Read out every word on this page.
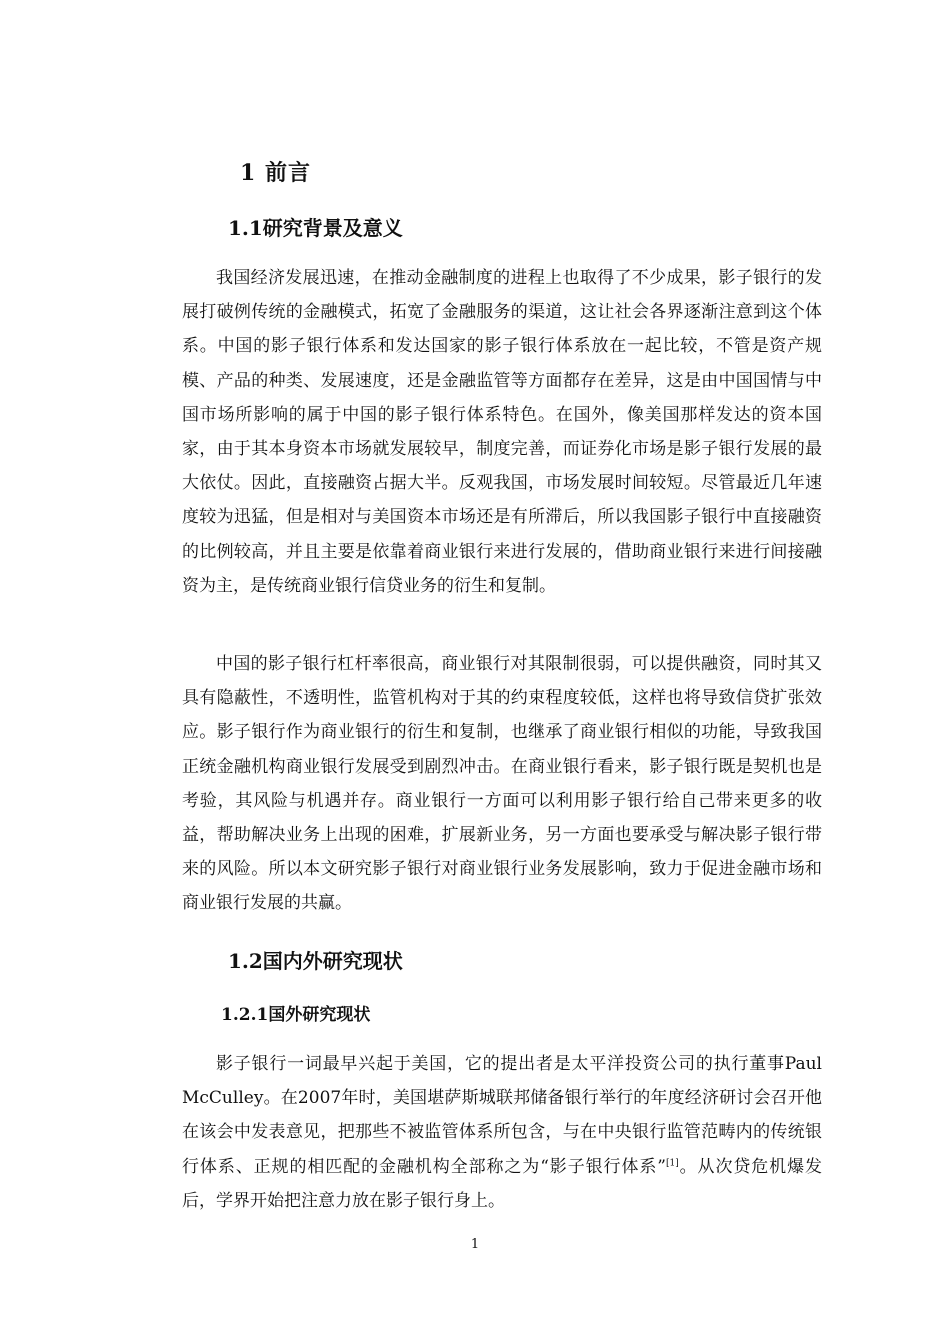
1 前言
1.1研究背景及意义

我国经济发展迅速，在推动金融制度的进程上也取得了不少成果，影子银行的发展打破例传统的金融模式，拓宽了金融服务的渠道，这让社会各界逐渐注意到这个体系。中国的影子银行体系和发达国家的影子银行体系放在一起比较，不管是资产规模、产品的种类、发展速度，还是金融监管等方面都存在差异，这是由中国国情与中国市场所影响的属于中国的影子银行体系特色。在国外，像美国那样发达的资本国家，由于其本身资本市场就发展较早，制度完善，而证券化市场是影子银行发展的最大依仗。因此，直接融资占据大半。反观我国，市场发展时间较短。尽管最近几年速度较为迅猛，但是相对与美国资本市场还是有所滞后，所以我国影子银行中直接融资的比例较高，并且主要是依靠着商业银行来进行发展的，借助商业银行来进行间接融资为主，是传统商业银行信贷业务的衍生和复制。

中国的影子银行杠杆率很高，商业银行对其限制很弱，可以提供融资，同时其又具有隐蔽性，不透明性，监管机构对于其的约束程度较低，这样也将导致信贷扩张效应。影子银行作为商业银行的衍生和复制，也继承了商业银行相似的功能，导致我国正统金融机构商业银行发展受到剧烈冲击。在商业银行看来，影子银行既是契机也是考验，其风险与机遇并存。商业银行一方面可以利用影子银行给自己带来更多的收益，帮助解决业务上出现的困难，扩展新业务，另一方面也要承受与解决影子银行带来的风险。所以本文研究影子银行对商业银行业务发展影响，致力于促进金融市场和商业银行发展的共赢。

1.2国内外研究现状
1.2.1国外研究现状

影子银行一词最早兴起于美国，它的提出者是太平洋投资公司的执行董事Paul McCulley。在2007年时，美国堪萨斯城联邦储备银行举行的年度经济研讨会召开他在该会中发表意见，把那些不被监管体系所包含，与在中央银行监管范畴内的传统银行体系、正规的相匹配的金融机构全部称之为“影子银行体系”[1]。从次贷危机爆发后，学界开始把注意力放在影子银行身上。

1
